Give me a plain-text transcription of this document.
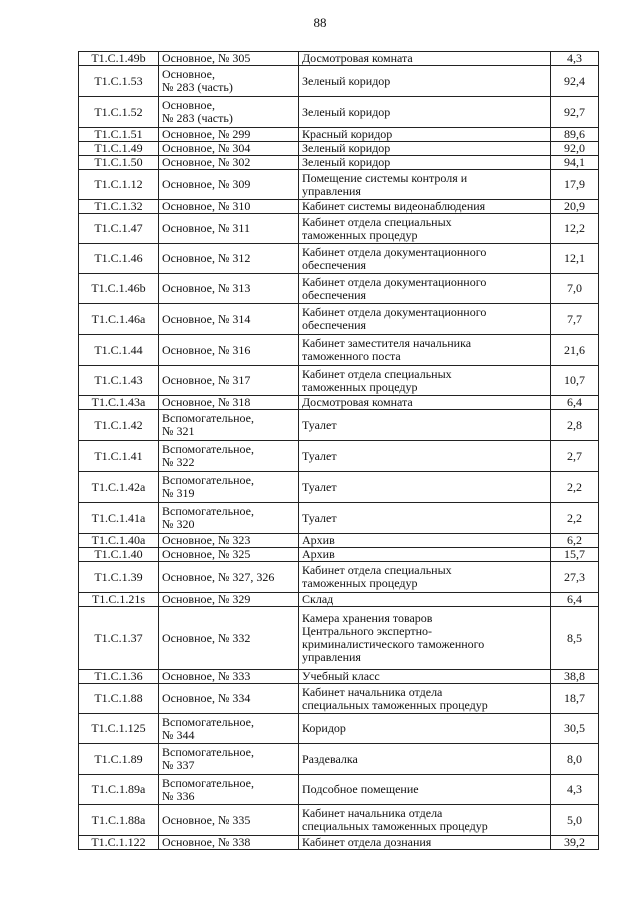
88
T1.C.1.49b	Основное, № 305	Досмотровая комната	4,3
T1.C.1.53	Основное,
№ 283 (часть)	Зеленый коридор	92,4
T1.C.1.52	Основное,
№ 283 (часть)	Зеленый коридор	92,7
T1.C.1.51	Основное, № 299	Красный коридор	89,6
T1.C.1.49	Основное, № 304	Зеленый коридор	92,0
T1.C.1.50	Основное, № 302	Зеленый коридор	94,1
T1.C.1.12	Основное, № 309	Помещение системы контроля и
управления	17,9
T1.C.1.32	Основное, № 310	Кабинет системы видеонаблюдения	20,9
T1.C.1.47	Основное, № 311	Кабинет отдела специальных
таможенных процедур	12,2
T1.C.1.46	Основное, № 312	Кабинет отдела документационного
обеспечения	12,1
T1.C.1.46b	Основное, № 313	Кабинет отдела документационного
обеспечения	7,0
T1.C.1.46a	Основное, № 314	Кабинет отдела документационного
обеспечения	7,7
T1.C.1.44	Основное, № 316	Кабинет заместителя начальника
таможенного поста	21,6
T1.C.1.43	Основное, № 317	Кабинет отдела специальных
таможенных процедур	10,7
T1.C.1.43a	Основное, № 318	Досмотровая комната	6,4
T1.C.1.42	Вспомогательное,
№ 321	Туалет	2,8
T1.C.1.41	Вспомогательное,
№ 322	Туалет	2,7
T1.C.1.42a	Вспомогательное,
№ 319	Туалет	2,2
T1.C.1.41a	Вспомогательное,
№ 320	Туалет	2,2
T1.C.1.40a	Основное, № 323	Архив	6,2
T1.C.1.40	Основное, № 325	Архив	15,7
T1.C.1.39	Основное, № 327, 326	Кабинет отдела специальных
таможенных процедур	27,3
T1.C.1.21s	Основное, № 329	Склад	6,4
T1.C.1.37	Основное, № 332	Камера хранения товаров
Центрального экспертно-
криминалистического таможенного
управления	8,5
T1.C.1.36	Основное, № 333	Учебный класс	38,8
T1.C.1.88	Основное, № 334	Кабинет начальника отдела
специальных таможенных процедур	18,7
T1.C.1.125	Вспомогательное,
№ 344	Коридор	30,5
T1.C.1.89	Вспомогательное,
№ 337	Раздевалка	8,0
T1.C.1.89a	Вспомогательное,
№ 336	Подсобное помещение	4,3
T1.C.1.88a	Основное, № 335	Кабинет начальника отдела
специальных таможенных процедур	5,0
T1.C.1.122	Основное, № 338	Кабинет отдела дознания	39,2
